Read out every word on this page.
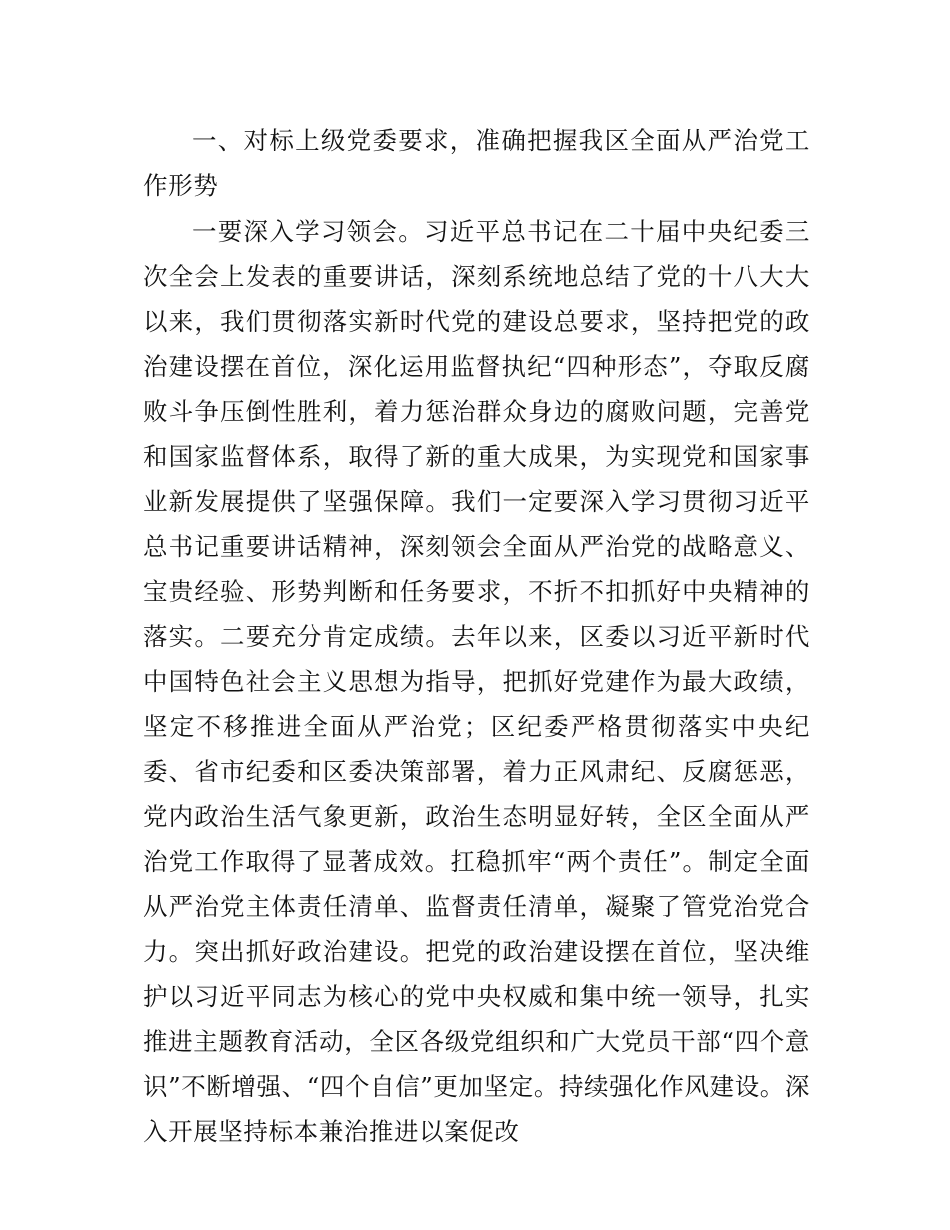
一、对标上级党委要求，准确把握我区全面从严治党工作形势

一要深入学习领会。习近平总书记在二十届中央纪委三次全会上发表的重要讲话，深刻系统地总结了党的十八大大以来，我们贯彻落实新时代党的建设总要求，坚持把党的政治建设摆在首位，深化运用监督执纪“四种形态”，夺取反腐败斗争压倒性胜利，着力惩治群众身边的腐败问题，完善党和国家监督体系，取得了新的重大成果，为实现党和国家事业新发展提供了坚强保障。我们一定要深入学习贯彻习近平总书记重要讲话精神，深刻领会全面从严治党的战略意义、宝贵经验、形势判断和任务要求，不折不扣抓好中央精神的落实。二要充分肯定成绩。去年以来，区委以习近平新时代中国特色社会主义思想为指导，把抓好党建作为最大政绩，坚定不移推进全面从严治党；区纪委严格贯彻落实中央纪委、省市纪委和区委决策部署，着力正风肃纪、反腐惩恶，党内政治生活气象更新，政治生态明显好转，全区全面从严治党工作取得了显著成效。扛稳抓牢“两个责任”。制定全面从严治党主体责任清单、监督责任清单，凝聚了管党治党合力。突出抓好政治建设。把党的政治建设摆在首位，坚决维护以习近平同志为核心的党中央权威和集中统一领导，扎实推进主题教育活动，全区各级党组织和广大党员干部“四个意识”不断增强、“四个自信”更加坚定。持续强化作风建设。深入开展坚持标本兼治推进以案促改
